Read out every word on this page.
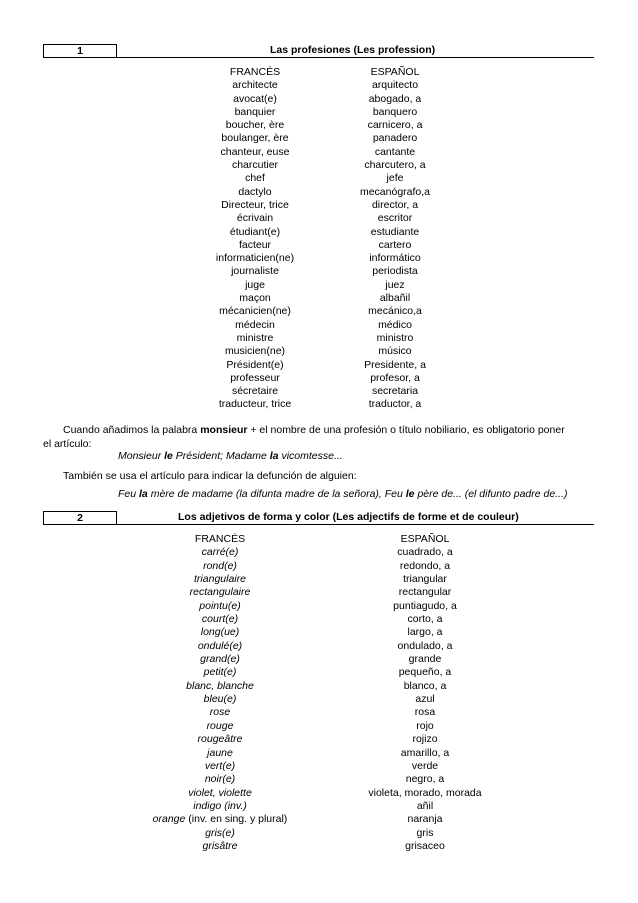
1	Las profesiones (Les profession)
FRANCÉS
architecte
avocat(e)
banquier
boucher, ère
boulanger, ère
chanteur, euse
charcutier
chef
dactylo
Directeur, trice
écrivain
étudiant(e)
facteur
informaticien(ne)
journaliste
juge
maçon
mécanicien(ne)
médecin
ministre
musicien(ne)
Président(e)
professeur
sécretaire
traducteur, trice
ESPAÑOL
arquitecto
abogado, a
banquero
carnicero, a
panadero
cantante
charcutero, a
jefe
mecanógrafo,a
director, a
escritor
estudiante
cartero
informático
periodista
juez
albañil
mecánico,a
médico
ministro
músico
Presidente, a
profesor, a
secretaria
traductor, a
Cuando añadimos la palabra monsieur + el nombre de una profesión o título nobiliario, es obligatorio poner
el artículo:
Monsieur le Président; Madame la vicomtesse...
También se usa el artículo para indicar la defunción de alguien:
Feu la mère de madame (la difunta madre de la señora), Feu le père de... (el difunto padre de...)
2	Los adjetivos de forma y color (Les adjectifs de forme et de couleur)
FRANCÉS
carré(e)
rond(e)
triangulaire
rectangulaire
pointu(e)
court(e)
long(ue)
ondulé(e)
grand(e)
petit(e)
blanc, blanche
bleu(e)
rose
rouge
rougeâtre
jaune
vert(e)
noir(e)
violet, violette
indigo (inv.)
orange (inv. en sing. y plural)
gris(e)
grisâtre
ESPAÑOL
cuadrado, a
redondo, a
triangular
rectangular
puntiagudo, a
corto, a
largo, a
ondulado, a
grande
pequeño, a
blanco, a
azul
rosa
rojo
rojizo
amarillo, a
verde
negro, a
violeta, morado, morada
añil
naranja
gris
grisaceo
